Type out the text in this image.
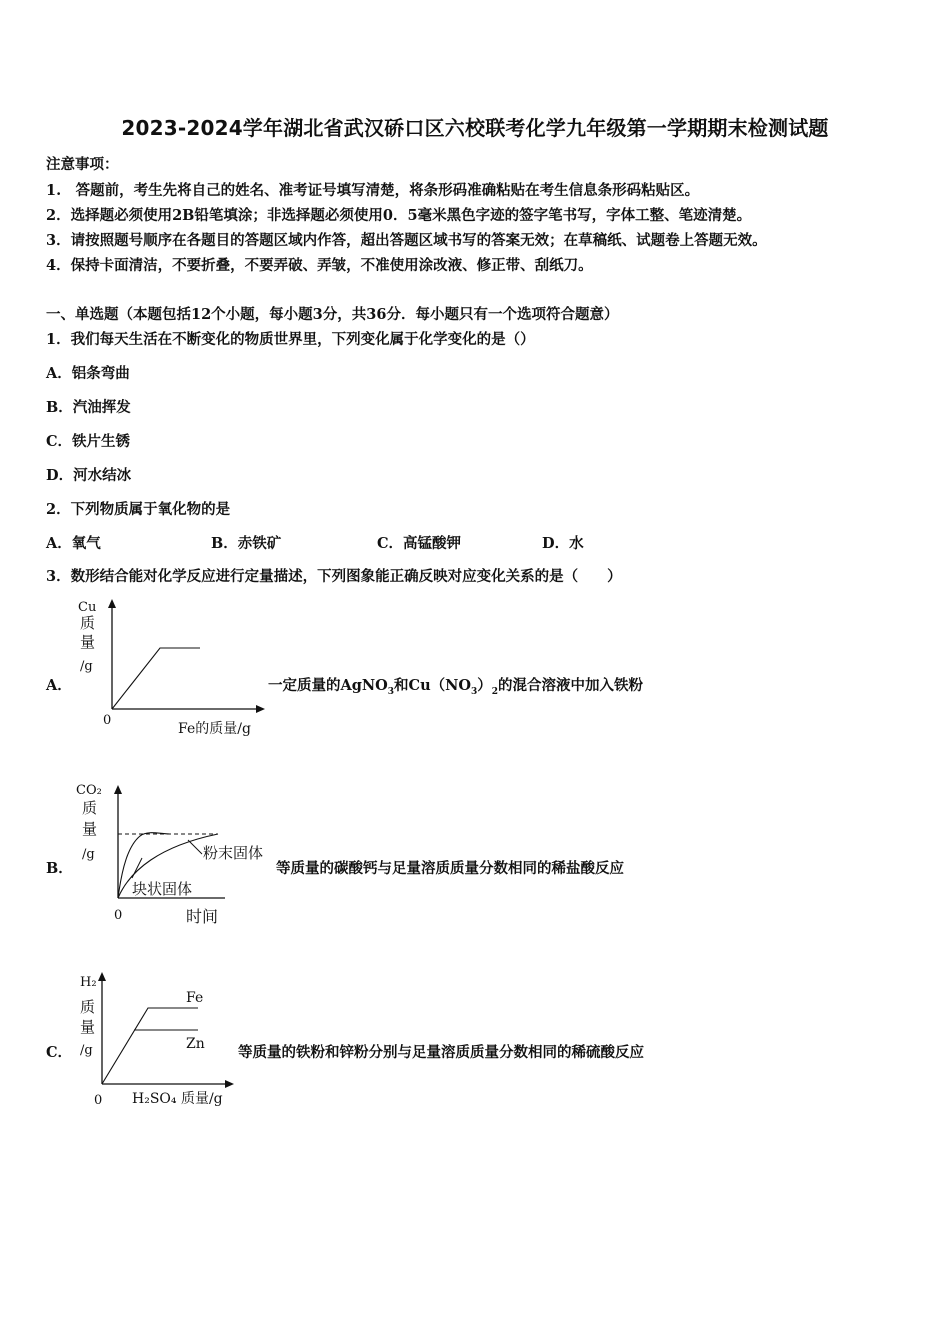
2023-2024学年湖北省武汉硚口区六校联考化学九年级第一学期期末检测试题
注意事项：
1.　答题前，考生先将自己的姓名、准考证号填写清楚，将条形码准确粘贴在考生信息条形码粘贴区。
2．选择题必须使用2B铅笔填涂；非选择题必须使用0．5毫米黑色字迹的签字笔书写，字体工整、笔迹清楚。
3．请按照题号顺序在各题目的答题区域内作答，超出答题区域书写的答案无效；在草稿纸、试题卷上答题无效。
4．保持卡面清洁，不要折叠，不要弄破、弄皱，不准使用涂改液、修正带、刮纸刀。
一、单选题（本题包括12个小题，每小题3分，共36分．每小题只有一个选项符合题意）
1．我们每天生活在不断变化的物质世界里，下列变化属于化学变化的是（）
A．铝条弯曲
B．汽油挥发
C．铁片生锈
D．河水结冰
2．下列物质属于氧化物的是
A．氧气	B．赤铁矿	C．高锰酸钾	D．水
3．数形结合能对化学反应进行定量描述，下列图象能正确反映对应变化关系的是（　　）
A．
Cu
质
量
/g
0
Fe的质量/g
一定质量的AgNO$_3$和$Cu(NO_3)_2$的混合溶液中加入铁粉
B．
CO₂
质
量
/g	粉末固体
块状固体
0	时间
等质量的碳酸钙与足量溶质质量分数相同的稀盐酸反应
C．
H₂
质
量
/g
Fe
Zn
0 H₂SO₄ 质量/g
等质量的铁粉和锌粉分别与足量溶质质量分数相同的稀硫酸反应
